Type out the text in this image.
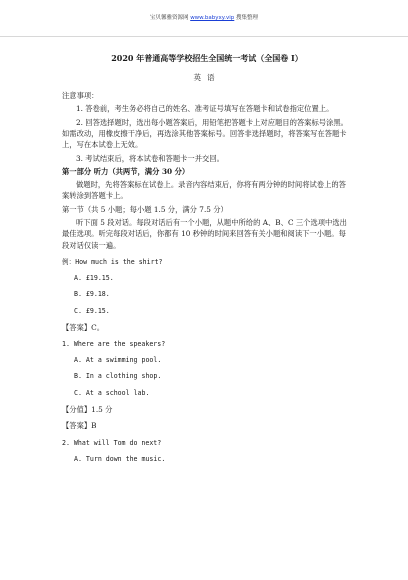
宝贝馨雅资源网 www.babyxy.vip 搜集整理

2020 年普通高等学校招生全国统一考试（全国卷 I）

英语

注意事项：

1. 答卷前，考生务必将自己的姓名、准考证号填写在答题卡和试卷指定位置上。

2. 回答选择题时，选出每小题答案后，用铅笔把答题卡上对应题目的答案标号涂黑。如需改动，用橡皮擦干净后，再选涂其他答案标号。回答非选择题时，将答案写在答题卡上，写在本试卷上无效。

3. 考试结束后，将本试卷和答题卡一并交回。

第一部分 听力（共两节，满分 30 分）

做题时，先将答案标在试卷上。录音内容结束后，你将有两分钟的时间将试卷上的答案转涂到答题卡上。

第一节（共 5 小题；每小题 1.5 分，满分 7.5 分）

听下面 5 段对话。每段对话后有一个小题，从题中所给的 A、B、C 三个选项中选出最佳选项。听完每段对话后，你都有 10 秒钟的时间来回答有关小题和阅读下一小题。每段对话仅读一遍。

例：How much is the shirt?

A. £19.15.

B. £9.18.

C. £9.15.

【答案】C。

1. Where are the speakers?

A. At a swimming pool.

B. In a clothing shop.

C. At a school lab.

【分值】1.5 分

【答案】B

2. What will Tom do next?

A. Turn down the music.
